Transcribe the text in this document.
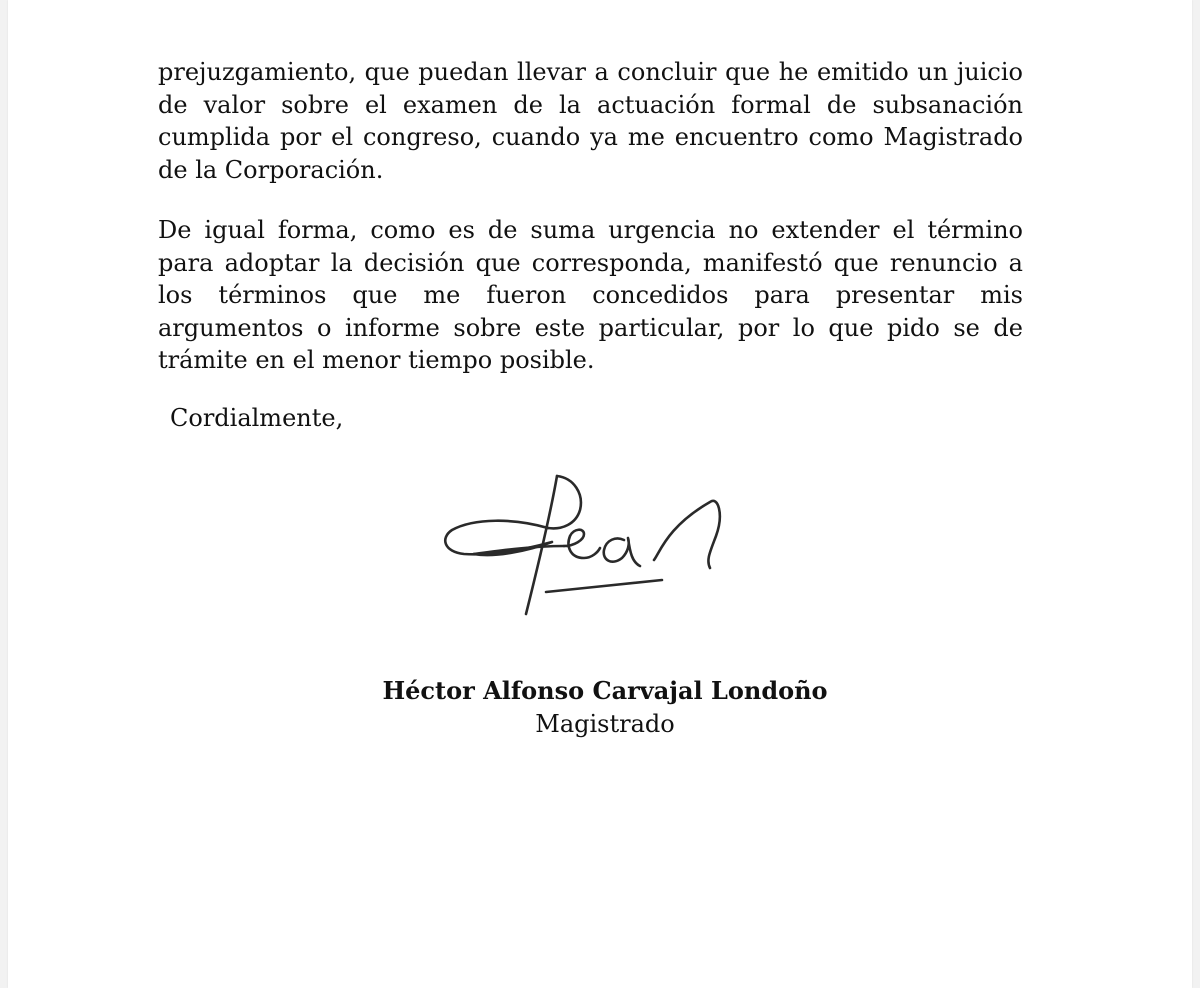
prejuzgamiento, que puedan llevar a concluir que he emitido un juicio de valor sobre el examen de la actuación formal de subsanación cumplida por el congreso, cuando ya me encuentro como Magistrado de la Corporación.

De igual forma, como es de suma urgencia no extender el término para adoptar la decisión que corresponda, manifestó que renuncio a los términos que me fueron concedidos para presentar mis argumentos o informe sobre este particular, por lo que pido se de trámite en el menor tiempo posible.

Cordialmente,

Héctor Alfonso Carvajal Londoño

Magistrado
